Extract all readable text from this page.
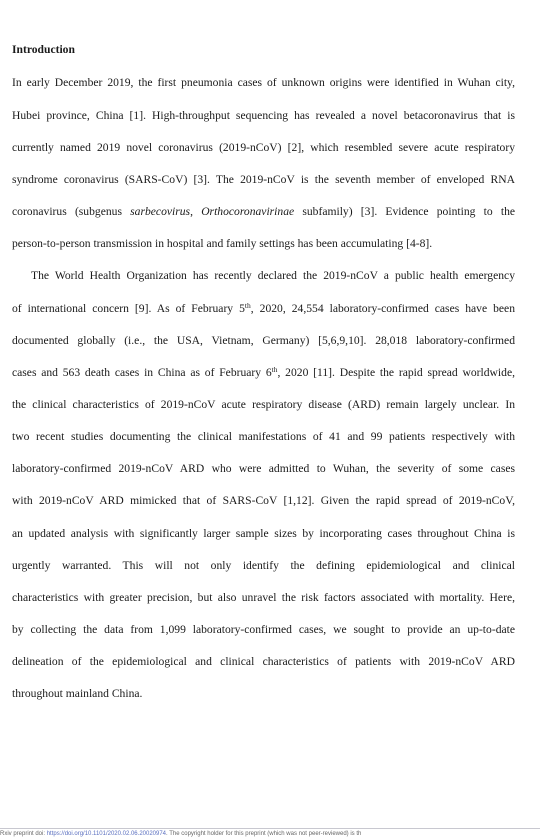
Introduction
In early December 2019, the first pneumonia cases of unknown origins were identified in Wuhan city,
Hubei province, China [1]. High-throughput sequencing has revealed a novel betacoronavirus that is
currently named 2019 novel coronavirus (2019-nCoV) [2], which resembled severe acute respiratory
syndrome coronavirus (SARS-CoV) [3]. The 2019-nCoV is the seventh member of enveloped RNA
coronavirus (subgenus sarbecovirus, Orthocoronavirinae subfamily) [3]. Evidence pointing to the
person-to-person transmission in hospital and family settings has been accumulating [4-8].
The World Health Organization has recently declared the 2019-nCoV a public health emergency
of international concern [9]. As of February 5th, 2020, 24,554 laboratory-confirmed cases have been
documented globally (i.e., the USA, Vietnam, Germany) [5,6,9,10]. 28,018 laboratory-confirmed
cases and 563 death cases in China as of February 6th, 2020 [11]. Despite the rapid spread worldwide,
the clinical characteristics of 2019-nCoV acute respiratory disease (ARD) remain largely unclear. In
two recent studies documenting the clinical manifestations of 41 and 99 patients respectively with
laboratory-confirmed 2019-nCoV ARD who were admitted to Wuhan, the severity of some cases
with 2019-nCoV ARD mimicked that of SARS-CoV [1,12]. Given the rapid spread of 2019-nCoV,
an updated analysis with significantly larger sample sizes by incorporating cases throughout China is
urgently warranted. This will not only identify the defining epidemiological and clinical
characteristics with greater precision, but also unravel the risk factors associated with mortality. Here,
by collecting the data from 1,099 laboratory-confirmed cases, we sought to provide an up-to-date
delineation of the epidemiological and clinical characteristics of patients with 2019-nCoV ARD
throughout mainland China.
Rxiv preprint doi: https://doi.org/10.1101/2020.02.06.20020974. The copyright holder for this preprint (which was not peer-reviewed) is th
